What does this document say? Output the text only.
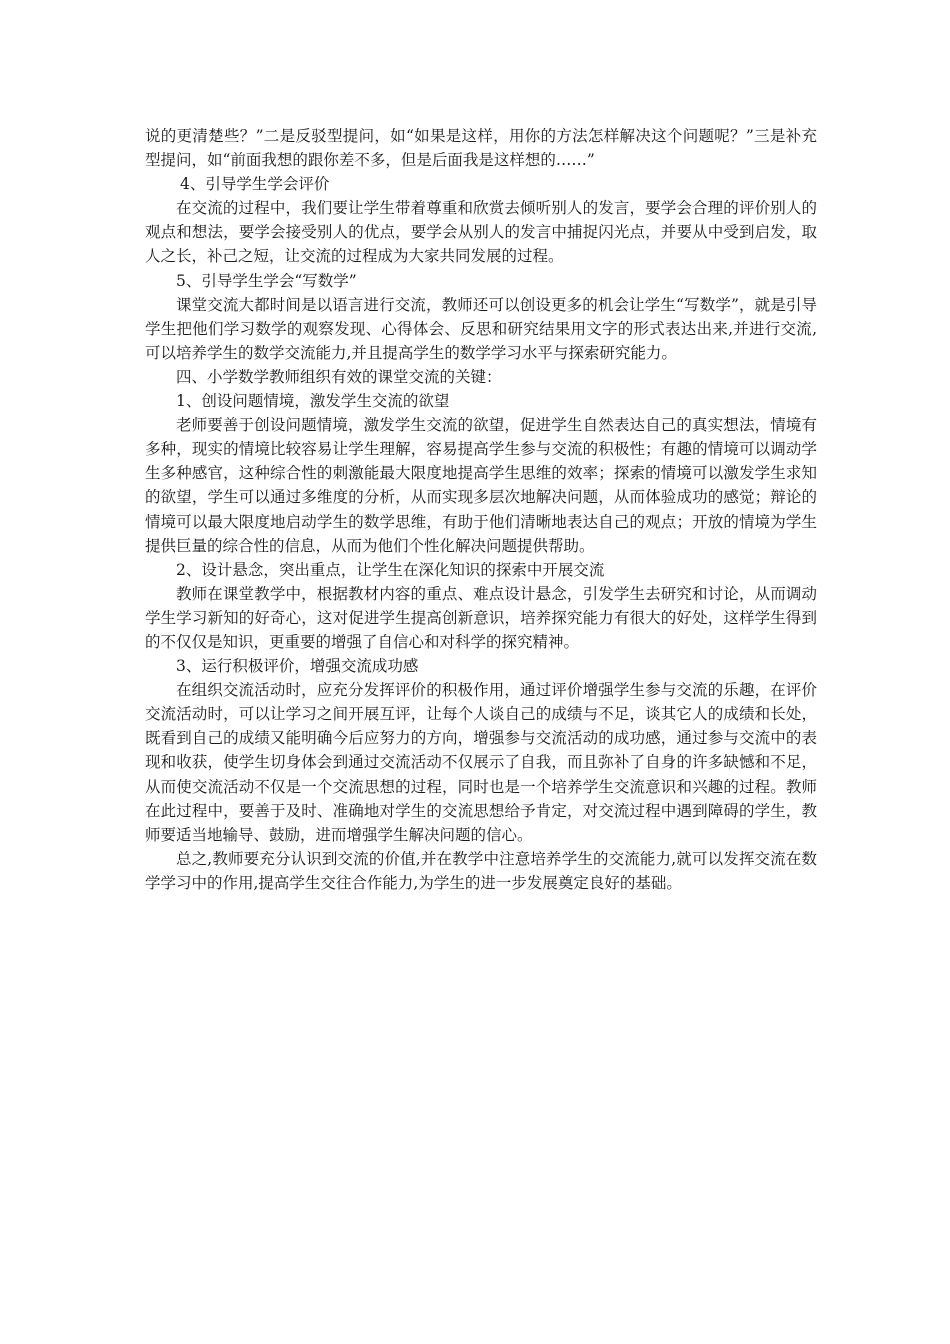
说的更清楚些？”二是反驳型提问，如“如果是这样，用你的方法怎样解决这个问题呢？”三是补充型提问，如“前面我想的跟你差不多，但是后面我是这样想的……”

4、引导学生学会评价

在交流的过程中，我们要让学生带着尊重和欣赏去倾听别人的发言，要学会合理的评价别人的观点和想法，要学会接受别人的优点，要学会从别人的发言中捕捉闪光点，并要从中受到启发，取人之长，补己之短，让交流的过程成为大家共同发展的过程。

5、引导学生学会“写数学”

课堂交流大都时间是以语言进行交流，教师还可以创设更多的机会让学生“写数学”，就是引导学生把他们学习数学的观察发现、心得体会、反思和研究结果用文字的形式表达出来,并进行交流,可以培养学生的数学交流能力,并且提高学生的数学学习水平与探索研究能力。

四、小学数学教师组织有效的课堂交流的关键：

1、创设问题情境，激发学生交流的欲望

老师要善于创设问题情境，激发学生交流的欲望，促进学生自然表达自己的真实想法，情境有多种，现实的情境比较容易让学生理解，容易提高学生参与交流的积极性；有趣的情境可以调动学生多种感官，这种综合性的刺激能最大限度地提高学生思维的效率；探索的情境可以激发学生求知的欲望，学生可以通过多维度的分析，从而实现多层次地解决问题，从而体验成功的感觉；辩论的情境可以最大限度地启动学生的数学思维，有助于他们清晰地表达自己的观点；开放的情境为学生提供巨量的综合性的信息，从而为他们个性化解决问题提供帮助。

2、设计悬念，突出重点，让学生在深化知识的探索中开展交流

教师在课堂教学中，根据教材内容的重点、难点设计悬念，引发学生去研究和讨论，从而调动学生学习新知的好奇心，这对促进学生提高创新意识，培养探究能力有很大的好处，这样学生得到的不仅仅是知识，更重要的增强了自信心和对科学的探究精神。

3、运行积极评价，增强交流成功感

在组织交流活动时，应充分发挥评价的积极作用，通过评价增强学生参与交流的乐趣，在评价交流活动时，可以让学习之间开展互评，让每个人谈自己的成绩与不足，谈其它人的成绩和长处，既看到自己的成绩又能明确今后应努力的方向，增强参与交流活动的成功感，通过参与交流中的表现和收获，使学生切身体会到通过交流活动不仅展示了自我，而且弥补了自身的许多缺憾和不足，从而使交流活动不仅是一个交流思想的过程，同时也是一个培养学生交流意识和兴趣的过程。教师在此过程中，要善于及时、准确地对学生的交流思想给予肯定，对交流过程中遇到障碍的学生，教师要适当地输导、鼓励，进而增强学生解决问题的信心。

总之,教师要充分认识到交流的价值,并在教学中注意培养学生的交流能力,就可以发挥交流在数学学习中的作用,提高学生交往合作能力,为学生的进一步发展奠定良好的基础。
